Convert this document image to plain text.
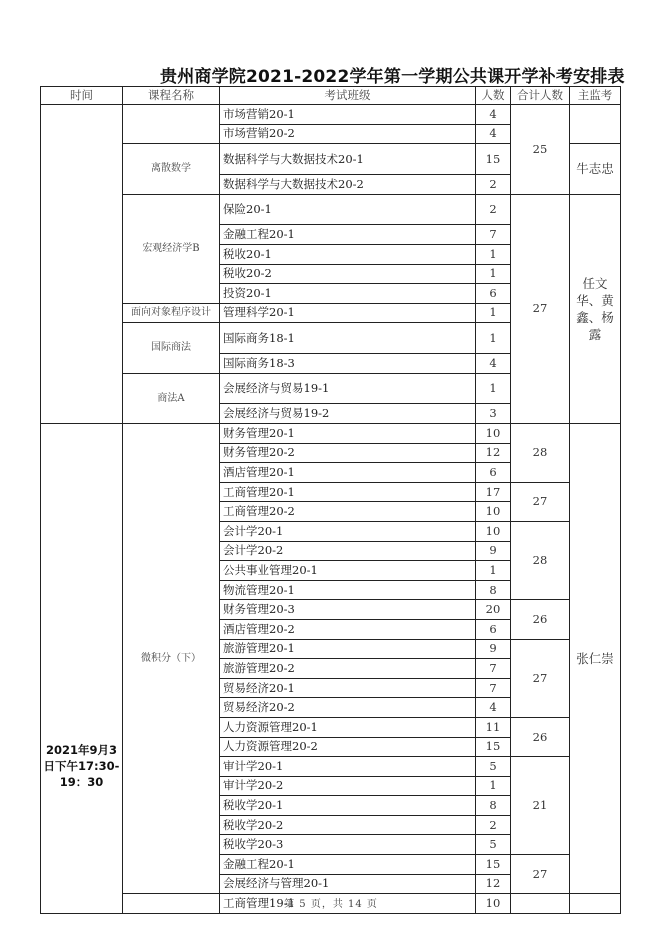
贵州商学院2021-2022学年第一学期公共课开学补考安排表
时间	课程名称	考试班级	人数	合计人数	主监考

		市场营销20-1	4	25	
		市场营销20-2	4		
	离散数学	数据科学与大数据技术20-1	15		牛志忠
		数据科学与大数据技术20-2	2		
	宏观经济学B	保险20-1	2	27	任文华、黄鑫、杨露
		金融工程20-1	7		
		税收20-1	1		
		税收20-2	1		
		投资20-1	6		
	面向对象程序设计	管理科学20-1	1		
	国际商法	国际商务18-1	1		
		国际商务18-3	4		
	商法A	会展经济与贸易19-1	1		
		会展经济与贸易19-2	3		

2021年9月3日下午17:30-19：30	微积分（下）	财务管理20-1	10	28	张仁崇
		财务管理20-2	12		
		酒店管理20-1	6		
		工商管理20-1	17	27	
		工商管理20-2	10		
		会计学20-1	10	28	
		会计学20-2	9		
		公共事业管理20-1	1		
		物流管理20-1	8		
		财务管理20-3	20	26	
		酒店管理20-2	6		
		旅游管理20-1	9	27	
		旅游管理20-2	7		
		贸易经济20-1	7		
		贸易经济20-2	4		
		人力资源管理20-1	11	26	
		人力资源管理20-2	15		
		审计学20-1	5	21	
		审计学20-2	1		
		税收学20-1	8		
		税收学20-2	2		
		税收学20-3	5		
		金融工程20-1	15	27	
		会展经济与管理20-1	12		
		工商管理19-1	10		
第 5 页，共 14 页
